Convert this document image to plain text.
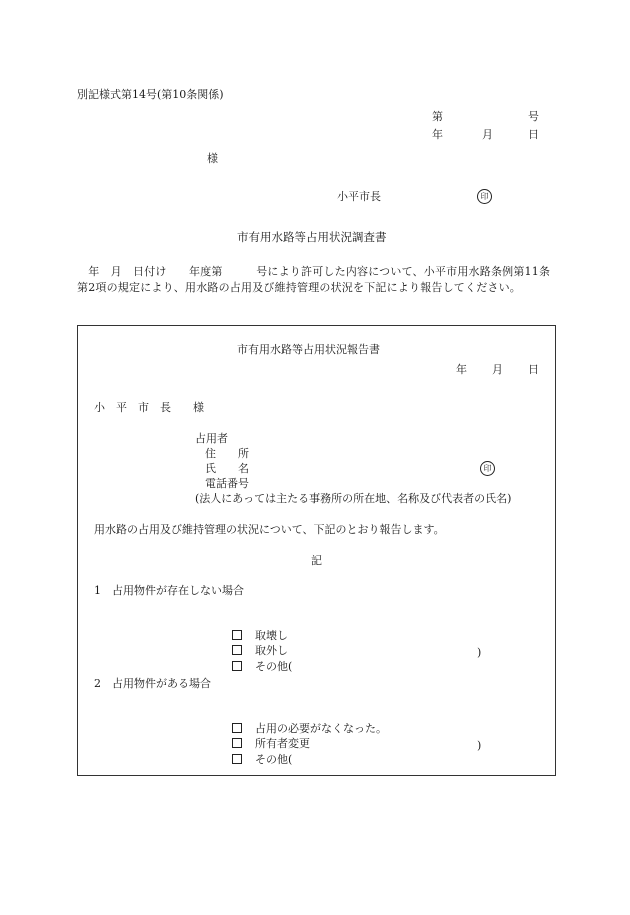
別記様式第14号(第10条関係)
第	号
年	月	日
様
小平市長	印
市有用水路等占用状況調査書
　年　月　日付け　　年度第　　　号により許可した内容について、小平市用水路条例第11条第2項の規定により、用水路の占用及び維持管理の状況を下記により報告してください。
市有用水路等占用状況報告書
年 月 日
小　平　市　長　　様
占用者
住　　所
氏　　名	印
電話番号
(法人にあっては主たる事務所の所在地、名称及び代表者の氏名)
用水路の占用及び維持管理の状況について、下記のとおり報告します。
記
1　占用物件が存在しない場合

取壊し

取外し

その他(

)
2　占用物件がある場合

占用の必要がなくなった。

所有者変更

その他(

)
